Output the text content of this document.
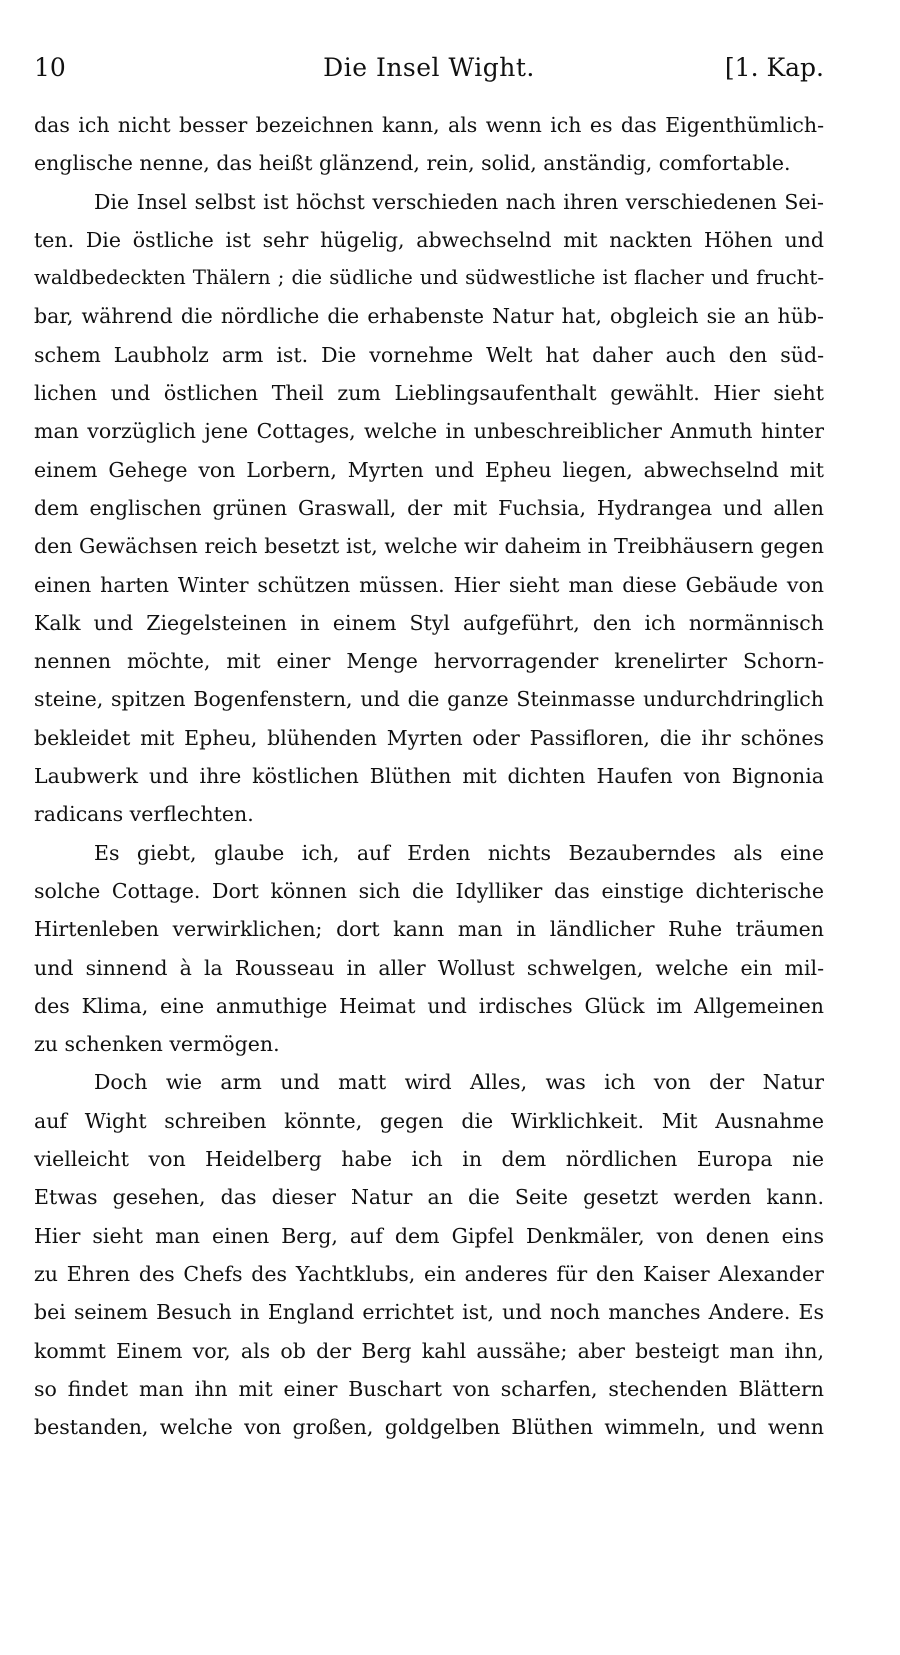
10	Die Insel Wight.	[1. Kap.
das ich nicht besser bezeichnen kann, als wenn ich es das Eigenthümlich-
englische nenne, das heißt glänzend, rein, solid, anständig, comfortable.
Die Insel selbst ist höchst verschieden nach ihren verschiedenen Sei-
ten. Die östliche ist sehr hügelig, abwechselnd mit nackten Höhen und
waldbedeckten Thälern ; die südliche und südwestliche ist flacher und frucht-
bar, während die nördliche die erhabenste Natur hat, obgleich sie an hüb-
schem Laubholz arm ist. Die vornehme Welt hat daher auch den süd-
lichen und östlichen Theil zum Lieblingsaufenthalt gewählt. Hier sieht
man vorzüglich jene Cottages, welche in unbeschreiblicher Anmuth hinter
einem Gehege von Lorbern, Myrten und Epheu liegen, abwechselnd mit
dem englischen grünen Graswall, der mit Fuchsia, Hydrangea und allen
den Gewächsen reich besetzt ist, welche wir daheim in Treibhäusern gegen
einen harten Winter schützen müssen. Hier sieht man diese Gebäude von
Kalk und Ziegelsteinen in einem Styl aufgeführt, den ich normännisch
nennen möchte, mit einer Menge hervorragender krenelirter Schorn-
steine, spitzen Bogenfenstern, und die ganze Steinmasse undurchdringlich
bekleidet mit Epheu, blühenden Myrten oder Passifloren, die ihr schönes
Laubwerk und ihre köstlichen Blüthen mit dichten Haufen von Bignonia
radicans verflechten.
Es giebt, glaube ich, auf Erden nichts Bezauberndes als eine
solche Cottage. Dort können sich die Idylliker das einstige dichterische
Hirtenleben verwirklichen; dort kann man in ländlicher Ruhe träumen
und sinnend à la Rousseau in aller Wollust schwelgen, welche ein mil-
des Klima, eine anmuthige Heimat und irdisches Glück im Allgemeinen
zu schenken vermögen.
Doch wie arm und matt wird Alles, was ich von der Natur
auf Wight schreiben könnte, gegen die Wirklichkeit. Mit Ausnahme
vielleicht von Heidelberg habe ich in dem nördlichen Europa nie
Etwas gesehen, das dieser Natur an die Seite gesetzt werden kann.
Hier sieht man einen Berg, auf dem Gipfel Denkmäler, von denen eins
zu Ehren des Chefs des Yachtklubs, ein anderes für den Kaiser Alexander
bei seinem Besuch in England errichtet ist, und noch manches Andere. Es
kommt Einem vor, als ob der Berg kahl aussähe; aber besteigt man ihn,
so findet man ihn mit einer Buschart von scharfen, stechenden Blättern
bestanden, welche von großen, goldgelben Blüthen wimmeln, und wenn
